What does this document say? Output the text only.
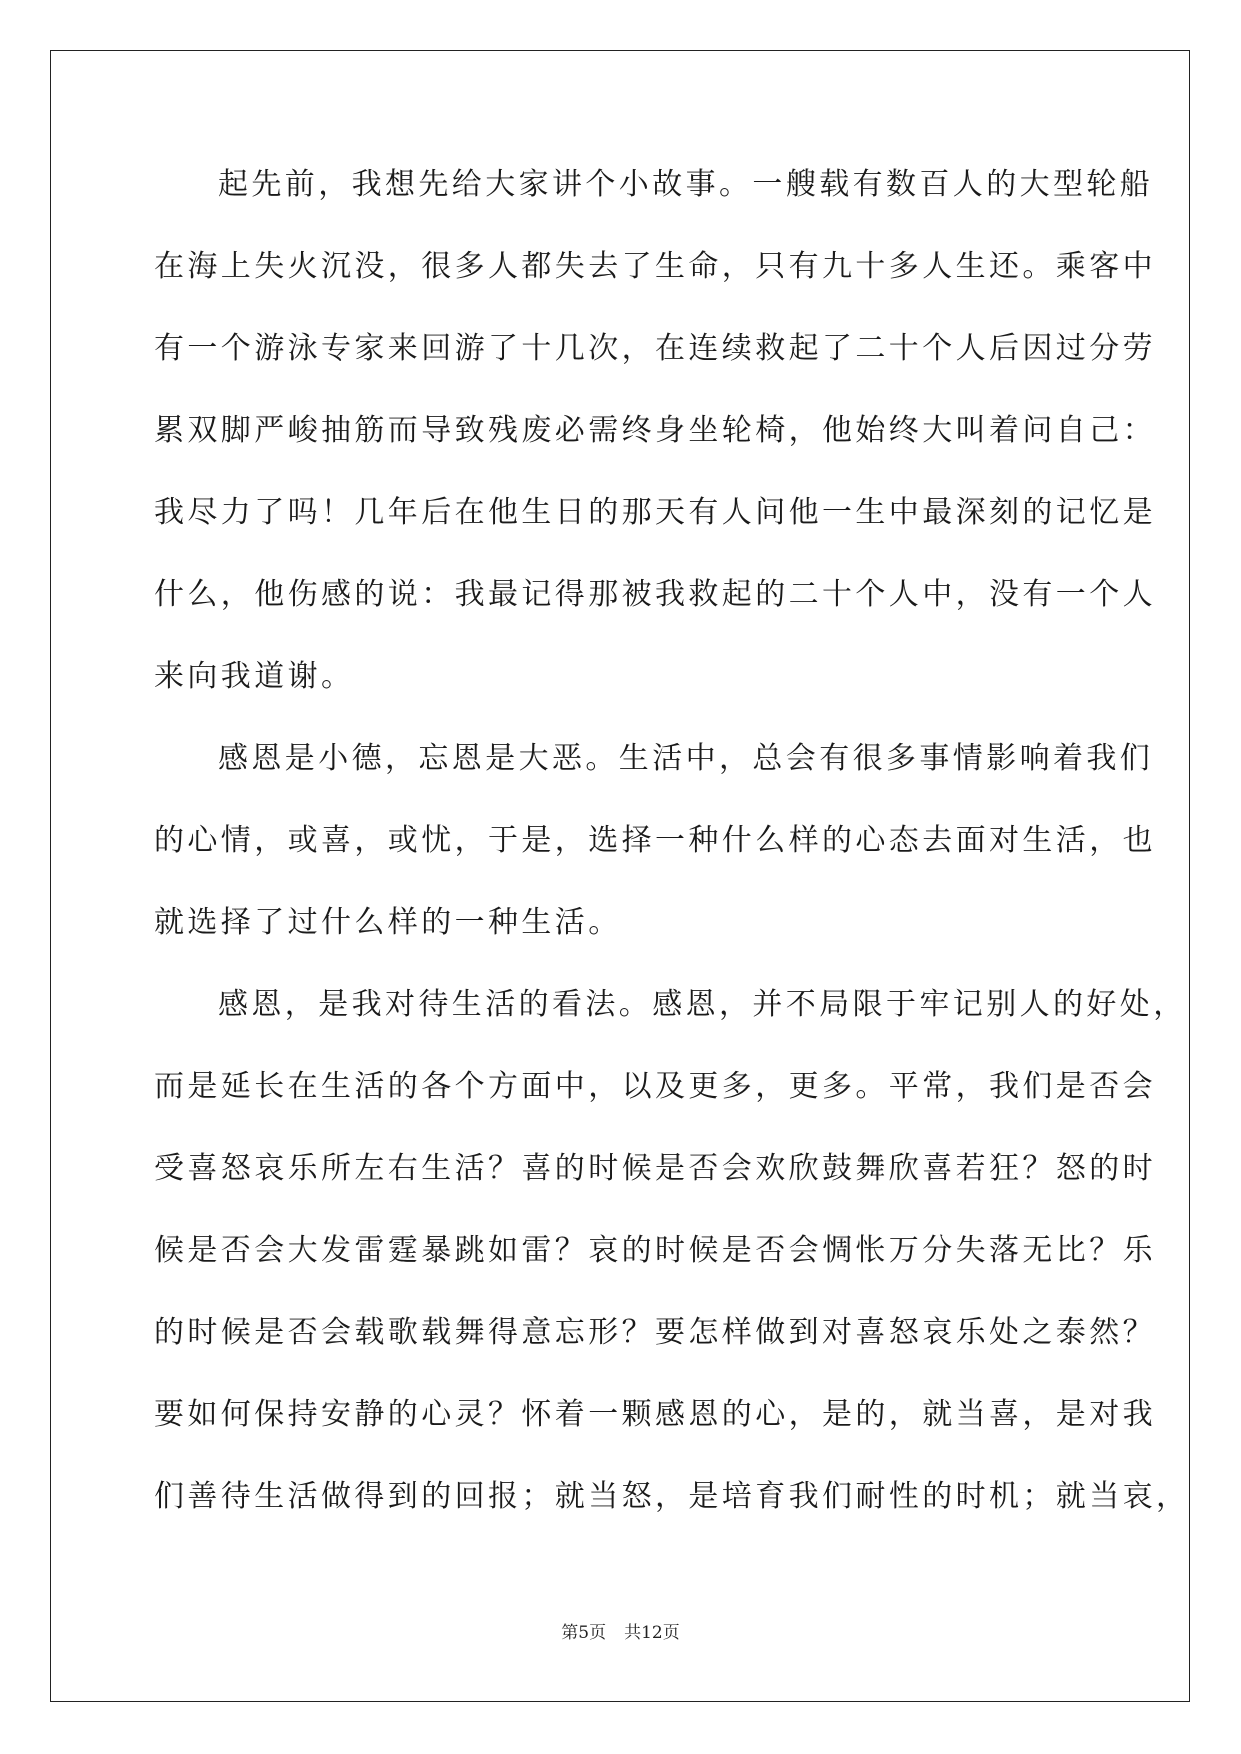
起先前，我想先给大家讲个小故事。一艘载有数百人的大型轮船
在海上失火沉没，很多人都失去了生命，只有九十多人生还。乘客中
有一个游泳专家来回游了十几次，在连续救起了二十个人后因过分劳
累双脚严峻抽筋而导致残废必需终身坐轮椅，他始终大叫着问自己：
我尽力了吗！几年后在他生日的那天有人问他一生中最深刻的记忆是
什么，他伤感的说：我最记得那被我救起的二十个人中，没有一个人
来向我道谢。
感恩是小德，忘恩是大恶。生活中，总会有很多事情影响着我们
的心情，或喜，或忧，于是，选择一种什么样的心态去面对生活，也
就选择了过什么样的一种生活。
感恩，是我对待生活的看法。感恩，并不局限于牢记别人的好处，
而是延长在生活的各个方面中，以及更多，更多。平常，我们是否会
受喜怒哀乐所左右生活？喜的时候是否会欢欣鼓舞欣喜若狂？怒的时
候是否会大发雷霆暴跳如雷？哀的时候是否会惆怅万分失落无比？乐
的时候是否会载歌载舞得意忘形？要怎样做到对喜怒哀乐处之泰然？
要如何保持安静的心灵？怀着一颗感恩的心，是的，就当喜，是对我
们善待生活做得到的回报；就当怒，是培育我们耐性的时机；就当哀，
第5页 共12页
